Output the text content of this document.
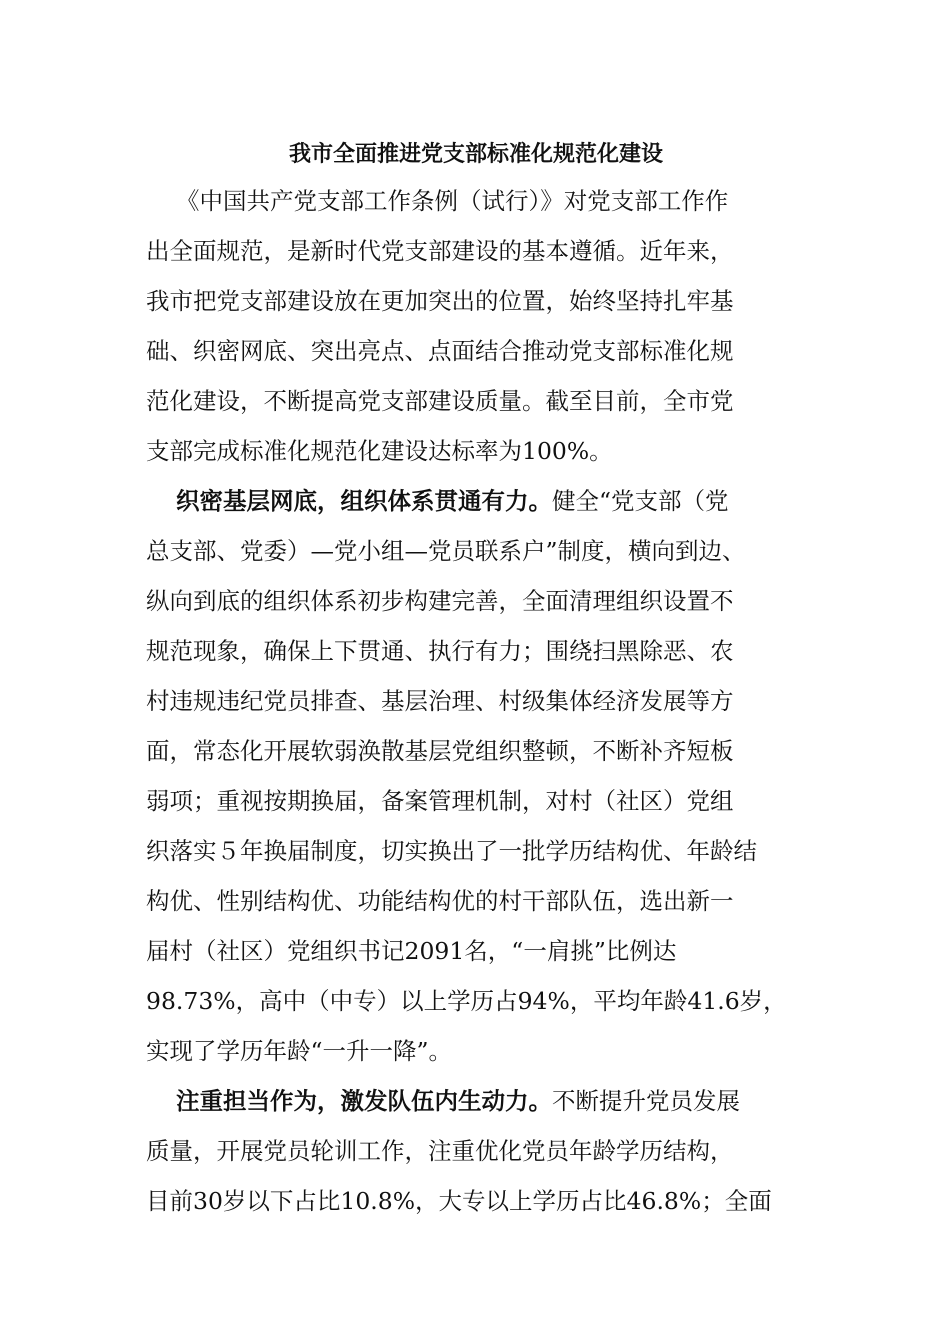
我市全面推进党支部标准化规范化建设
《中国共产党支部工作条例（试行）》对党支部工作作
出全面规范，是新时代党支部建设的基本遵循。近年来，
我市把党支部建设放在更加突出的位置，始终坚持扎牢基
础、织密网底、突出亮点、点面结合推动党支部标准化规
范化建设，不断提高党支部建设质量。截至目前，全市党
支部完成标准化规范化建设达标率为100%。
织密基层网底，组织体系贯通有力。健全“党支部（党
总支部、党委）—党小组—党员联系户”制度，横向到边、
纵向到底的组织体系初步构建完善，全面清理组织设置不
规范现象，确保上下贯通、执行有力；围绕扫黑除恶、农
村违规违纪党员排查、基层治理、村级集体经济发展等方
面，常态化开展软弱涣散基层党组织整顿，不断补齐短板
弱项；重视按期换届，备案管理机制，对村（社区）党组
织落实５年换届制度，切实换出了一批学历结构优、年龄结
构优、性别结构优、功能结构优的村干部队伍，选出新一
届村（社区）党组织书记2091名，“一肩挑”比例达
98.73%，高中（中专）以上学历占94%，平均年龄41.6岁，
实现了学历年龄“一升一降”。
注重担当作为，激发队伍内生动力。不断提升党员发展
质量，开展党员轮训工作，注重优化党员年龄学历结构，
目前30岁以下占比10.8%，大专以上学历占比46.8%；全面
